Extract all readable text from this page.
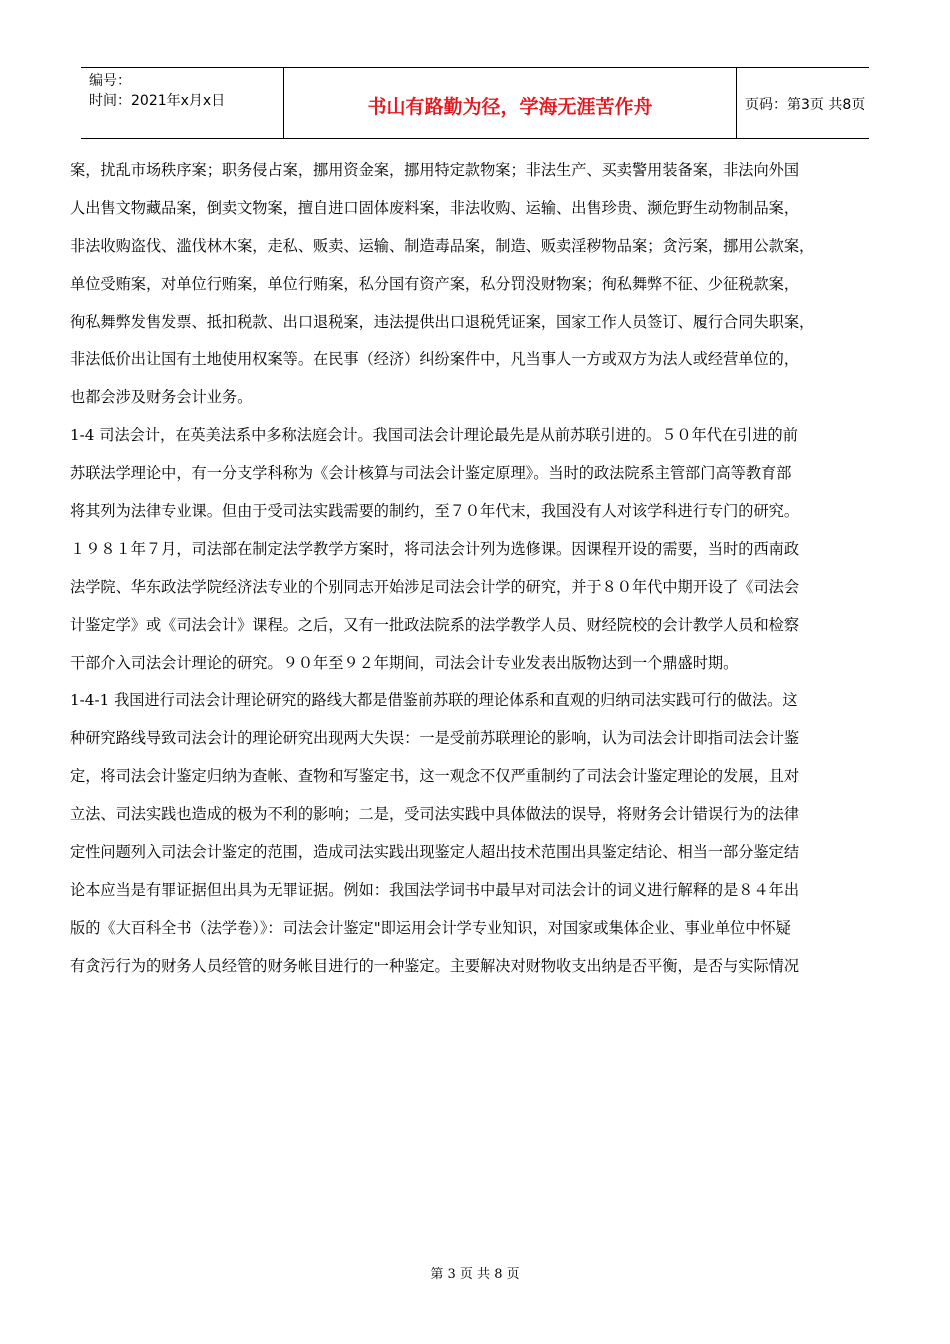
编号：
时间：2021年x月x日	书山有路勤为径，学海无涯苦作舟	页码：第3页 共8页
案，扰乱市场秩序案；职务侵占案，挪用资金案，挪用特定款物案；非法生产、买卖警用装备案，非法向外国
人出售文物藏品案，倒卖文物案，擅自进口固体废料案，非法收购、运输、出售珍贵、濒危野生动物制品案，
非法收购盗伐、滥伐林木案，走私、贩卖、运输、制造毒品案，制造、贩卖淫秽物品案；贪污案，挪用公款案，
单位受贿案，对单位行贿案，单位行贿案，私分国有资产案，私分罚没财物案；徇私舞弊不征、少征税款案，
徇私舞弊发售发票、抵扣税款、出口退税案，违法提供出口退税凭证案，国家工作人员签订、履行合同失职案，
非法低价出让国有土地使用权案等。在民事（经济）纠纷案件中，凡当事人一方或双方为法人或经营单位的，
也都会涉及财务会计业务。
1-4 司法会计，在英美法系中多称法庭会计。我国司法会计理论最先是从前苏联引进的。５０年代在引进的前
苏联法学理论中，有一分支学科称为《会计核算与司法会计鉴定原理》。当时的政法院系主管部门高等教育部
将其列为法律专业课。但由于受司法实践需要的制约，至７０年代末，我国没有人对该学科进行专门的研究。
１９８１年７月，司法部在制定法学教学方案时，将司法会计列为选修课。因课程开设的需要，当时的西南政
法学院、华东政法学院经济法专业的个别同志开始涉足司法会计学的研究，并于８０年代中期开设了《司法会
计鉴定学》或《司法会计》课程。之后，又有一批政法院系的法学教学人员、财经院校的会计教学人员和检察
干部介入司法会计理论的研究。９０年至９２年期间，司法会计专业发表出版物达到一个鼎盛时期。
1-4-1 我国进行司法会计理论研究的路线大都是借鉴前苏联的理论体系和直观的归纳司法实践可行的做法。这
种研究路线导致司法会计的理论研究出现两大失误：一是受前苏联理论的影响，认为司法会计即指司法会计鉴
定，将司法会计鉴定归纳为查帐、查物和写鉴定书，这一观念不仅严重制约了司法会计鉴定理论的发展，且对
立法、司法实践也造成的极为不利的影响；二是，受司法实践中具体做法的误导，将财务会计错误行为的法律
定性问题列入司法会计鉴定的范围，造成司法实践出现鉴定人超出技术范围出具鉴定结论、相当一部分鉴定结
论本应当是有罪证据但出具为无罪证据。例如：我国法学词书中最早对司法会计的词义进行解释的是８４年出
版的《大百科全书（法学卷）》：司法会计鉴定"即运用会计学专业知识，对国家或集体企业、事业单位中怀疑
有贪污行为的财务人员经管的财务帐目进行的一种鉴定。主要解决对财物收支出纳是否平衡，是否与实际情况
第 3 页 共 8 页
